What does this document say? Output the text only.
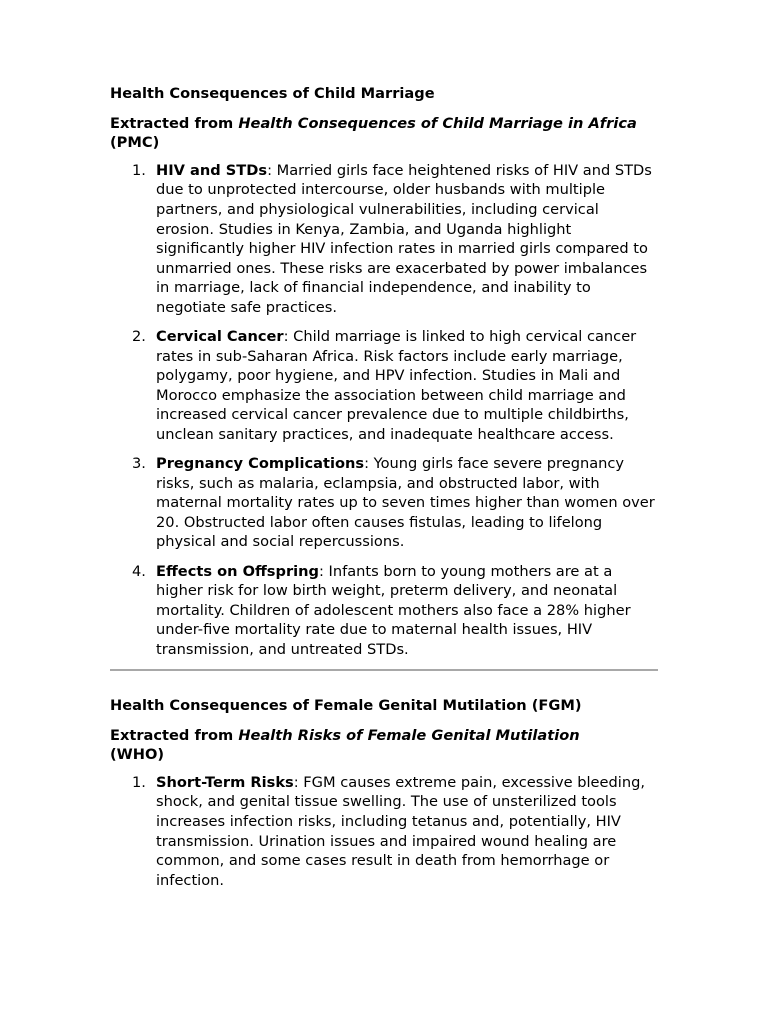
Health Consequences of Child Marriage

Extracted from Health Consequences of Child Marriage in Africa (PMC)

1. HIV and STDs: Married girls face heightened risks of HIV and STDs due to unprotected intercourse, older husbands with multiple partners, and physiological vulnerabilities, including cervical erosion. Studies in Kenya, Zambia, and Uganda highlight significantly higher HIV infection rates in married girls compared to unmarried ones. These risks are exacerbated by power imbalances in marriage, lack of financial independence, and inability to negotiate safe practices.
2. Cervical Cancer: Child marriage is linked to high cervical cancer rates in sub-Saharan Africa. Risk factors include early marriage, polygamy, poor hygiene, and HPV infection. Studies in Mali and Morocco emphasize the association between child marriage and increased cervical cancer prevalence due to multiple childbirths, unclean sanitary practices, and inadequate healthcare access.
3. Pregnancy Complications: Young girls face severe pregnancy risks, such as malaria, eclampsia, and obstructed labor, with maternal mortality rates up to seven times higher than women over 20. Obstructed labor often causes fistulas, leading to lifelong physical and social repercussions.
4. Effects on Offspring: Infants born to young mothers are at a higher risk for low birth weight, preterm delivery, and neonatal mortality. Children of adolescent mothers also face a 28% higher under-five mortality rate due to maternal health issues, HIV transmission, and untreated STDs.

Health Consequences of Female Genital Mutilation (FGM)

Extracted from Health Risks of Female Genital Mutilation
(WHO)

1. Short-Term Risks: FGM causes extreme pain, excessive bleeding, shock, and genital tissue swelling. The use of unsterilized tools increases infection risks, including tetanus and, potentially, HIV transmission. Urination issues and impaired wound healing are common, and some cases result in death from hemorrhage or infection.
